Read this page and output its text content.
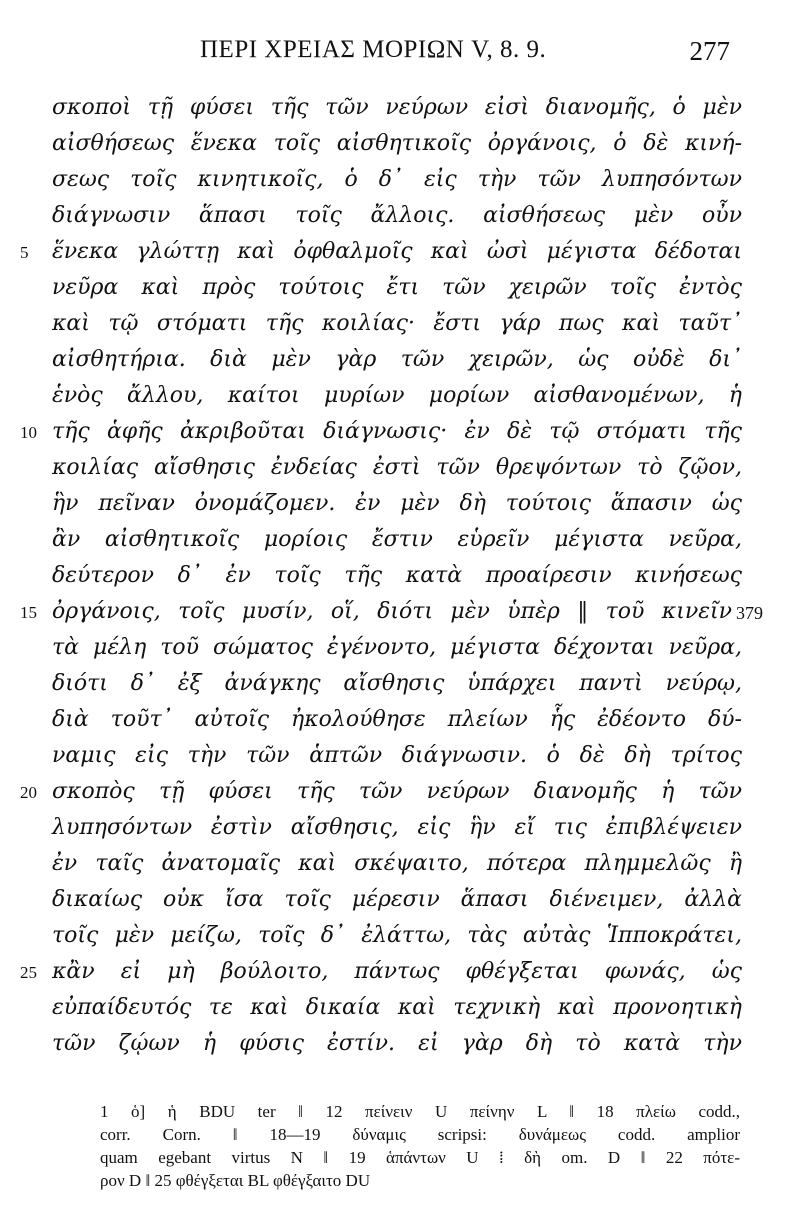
ΠΕΡΙ ΧΡΕΙΑΣ ΜΟΡΙΩΝ V, 8. 9.	277
σκοποὶ τῇ φύσει τῆς τῶν νεύρων εἰσὶ διανομῆς, ὁ μὲν
αἰσθήσεως ἕνεκα τοῖς αἰσθητικοῖς ὀργάνοις, ὁ δὲ κινή-
σεως τοῖς κινητικοῖς, ὁ δ᾽ εἰς τὴν τῶν λυπησόντων
διάγνωσιν ἅπασι τοῖς ἄλλοις. αἰσθήσεως μὲν οὖν
5	ἕνεκα γλώττῃ καὶ ὀφθαλμοῖς καὶ ὠσὶ μέγιστα δέδοται
νεῦρα καὶ πρὸς τούτοις ἔτι τῶν χειρῶν τοῖς ἐντὸς
καὶ τῷ στόματι τῆς κοιλίας· ἔστι γάρ πως καὶ ταῦτ᾽
αἰσθητήρια. διὰ μὲν γὰρ τῶν χειρῶν, ὡς οὐδὲ δι᾽
ἑνὸς ἄλλου, καίτοι μυρίων μορίων αἰσθανομένων, ἡ
10 τῆς ἁφῆς ἀκριβοῦται διάγνωσις· ἐν δὲ τῷ στόματι τῆς
κοιλίας αἴσθησις ἐνδείας ἐστὶ τῶν θρεψόντων τὸ ζῷον,
ἣν πεῖναν ὀνομάζομεν. ἐν μὲν δὴ τούτοις ἅπασιν ὡς
ἂν αἰσθητικοῖς μορίοις ἔστιν εὑρεῖν μέγιστα νεῦρα,
δεύτερον δ᾽ ἐν τοῖς τῆς κατὰ προαίρεσιν κινήσεως
15 ὀργάνοις, τοῖς μυσίν, οἵ, διότι μὲν ὑπὲρ ‖ τοῦ κινεῖν 379
τὰ μέλη τοῦ σώματος ἐγένοντο, μέγιστα δέχονται νεῦρα,
διότι δ᾽ ἐξ ἀνάγκης αἴσθησις ὑπάρχει παντὶ νεύρῳ,
διὰ τοῦτ᾽ αὐτοῖς ἠκολούθησε πλείων ἧς ἐδέοντο δύ-
ναμις εἰς τὴν τῶν ἁπτῶν διάγνωσιν. ὁ δὲ δὴ τρίτος
20 σκοπὸς τῇ φύσει τῆς τῶν νεύρων διανομῆς ἡ τῶν
λυπησόντων ἐστὶν αἴσθησις, εἰς ἣν εἴ τις ἐπιβλέψειεν
ἐν ταῖς ἀνατομαῖς καὶ σκέψαιτο, πότερα πλημμελῶς ἢ
δικαίως οὐκ ἴσα τοῖς μέρεσιν ἅπασι διένειμεν, ἀλλὰ
τοῖς μὲν μείζω, τοῖς δ᾽ ἐλάττω, τὰς αὐτὰς Ἱπποκράτει,
25 κἂν εἰ μὴ βούλοιτο, πάντως φθέγξεται φωνάς, ὡς
εὐπαίδευτός τε καὶ δικαία καὶ τεχνικὴ καὶ προνοητικὴ
τῶν ζῴων ἡ φύσις ἐστίν. εἰ γὰρ δὴ τὸ κατὰ τὴν
1 ὁ] ἡ BDU ter ‖ 12 πείνειν U πείνην L ‖ 18 πλείω codd.,
corr. Corn. ‖ 18—19 δύναμις scripsi: δυνάμεως codd. amplior
quam egebant virtus N ‖ 19 ἁπάντων U ⁞ δὴ om. D ‖ 22 πότε-
ρον D ‖ 25 φθέγξεται BL φθέγξαιτο DU
